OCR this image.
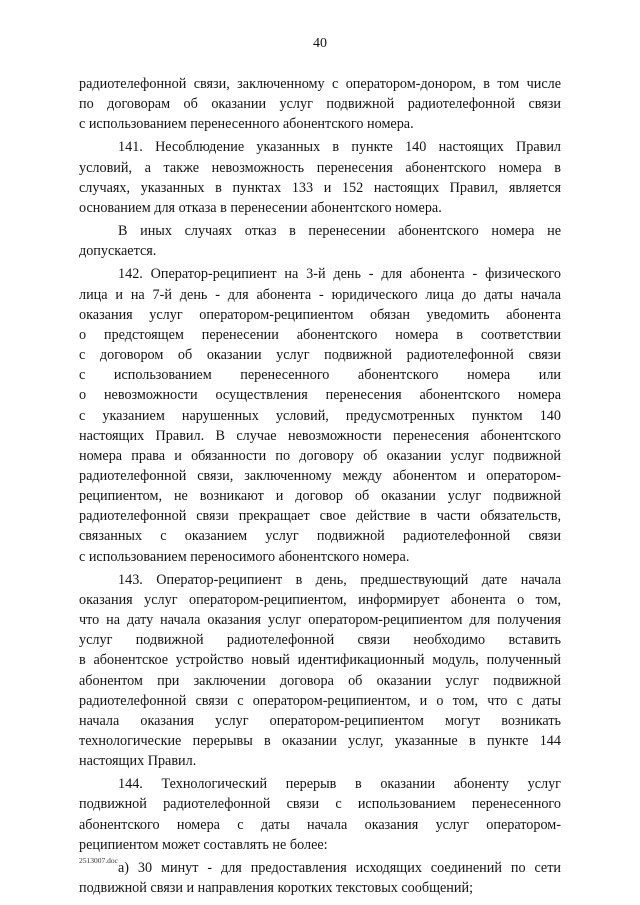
40

радиотелефонной связи, заключенному с оператором-донором, в том числе
по договорам об оказании услуг подвижной радиотелефонной связи
с использованием перенесенного абонентского номера.

141. Несоблюдение указанных в пункте 140 настоящих Правил
условий, а также невозможность перенесения абонентского номера в
случаях, указанных в пунктах 133 и 152 настоящих Правил, является
основанием для отказа в перенесении абонентского номера.

В иных случаях отказ в перенесении абонентского номера не
допускается.

142. Оператор-реципиент на 3-й день - для абонента - физического
лица и на 7-й день - для абонента - юридического лица до даты начала
оказания услуг оператором-реципиентом обязан уведомить абонента
о предстоящем перенесении абонентского номера в соответствии
с договором об оказании услуг подвижной радиотелефонной связи
с использованием перенесенного абонентского номера или
о невозможности осуществления перенесения абонентского номера
с указанием нарушенных условий, предусмотренных пунктом 140
настоящих Правил. В случае невозможности перенесения абонентского
номера права и обязанности по договору об оказании услуг подвижной
радиотелефонной связи, заключенному между абонентом и оператором-
реципиентом, не возникают и договор об оказании услуг подвижной
радиотелефонной связи прекращает свое действие в части обязательств,
связанных с оказанием услуг подвижной радиотелефонной связи
с использованием переносимого абонентского номера.

143. Оператор-реципиент в день, предшествующий дате начала
оказания услуг оператором-реципиентом, информирует абонента о том,
что на дату начала оказания услуг оператором-реципиентом для получения
услуг подвижной радиотелефонной связи необходимо вставить
в абонентское устройство новый идентификационный модуль, полученный
абонентом при заключении договора об оказании услуг подвижной
радиотелефонной связи с оператором-реципиентом, и о том, что с даты
начала оказания услуг оператором-реципиентом могут возникать
технологические перерывы в оказании услуг, указанные в пункте 144
настоящих Правил.

144. Технологический перерыв в оказании абоненту услуг
подвижной радиотелефонной связи с использованием перенесенного
абонентского номера с даты начала оказания услуг оператором-
реципиентом может составлять не более:

а) 30 минут - для предоставления исходящих соединений по сети
подвижной связи и направления коротких текстовых сообщений;

2513007.doc
